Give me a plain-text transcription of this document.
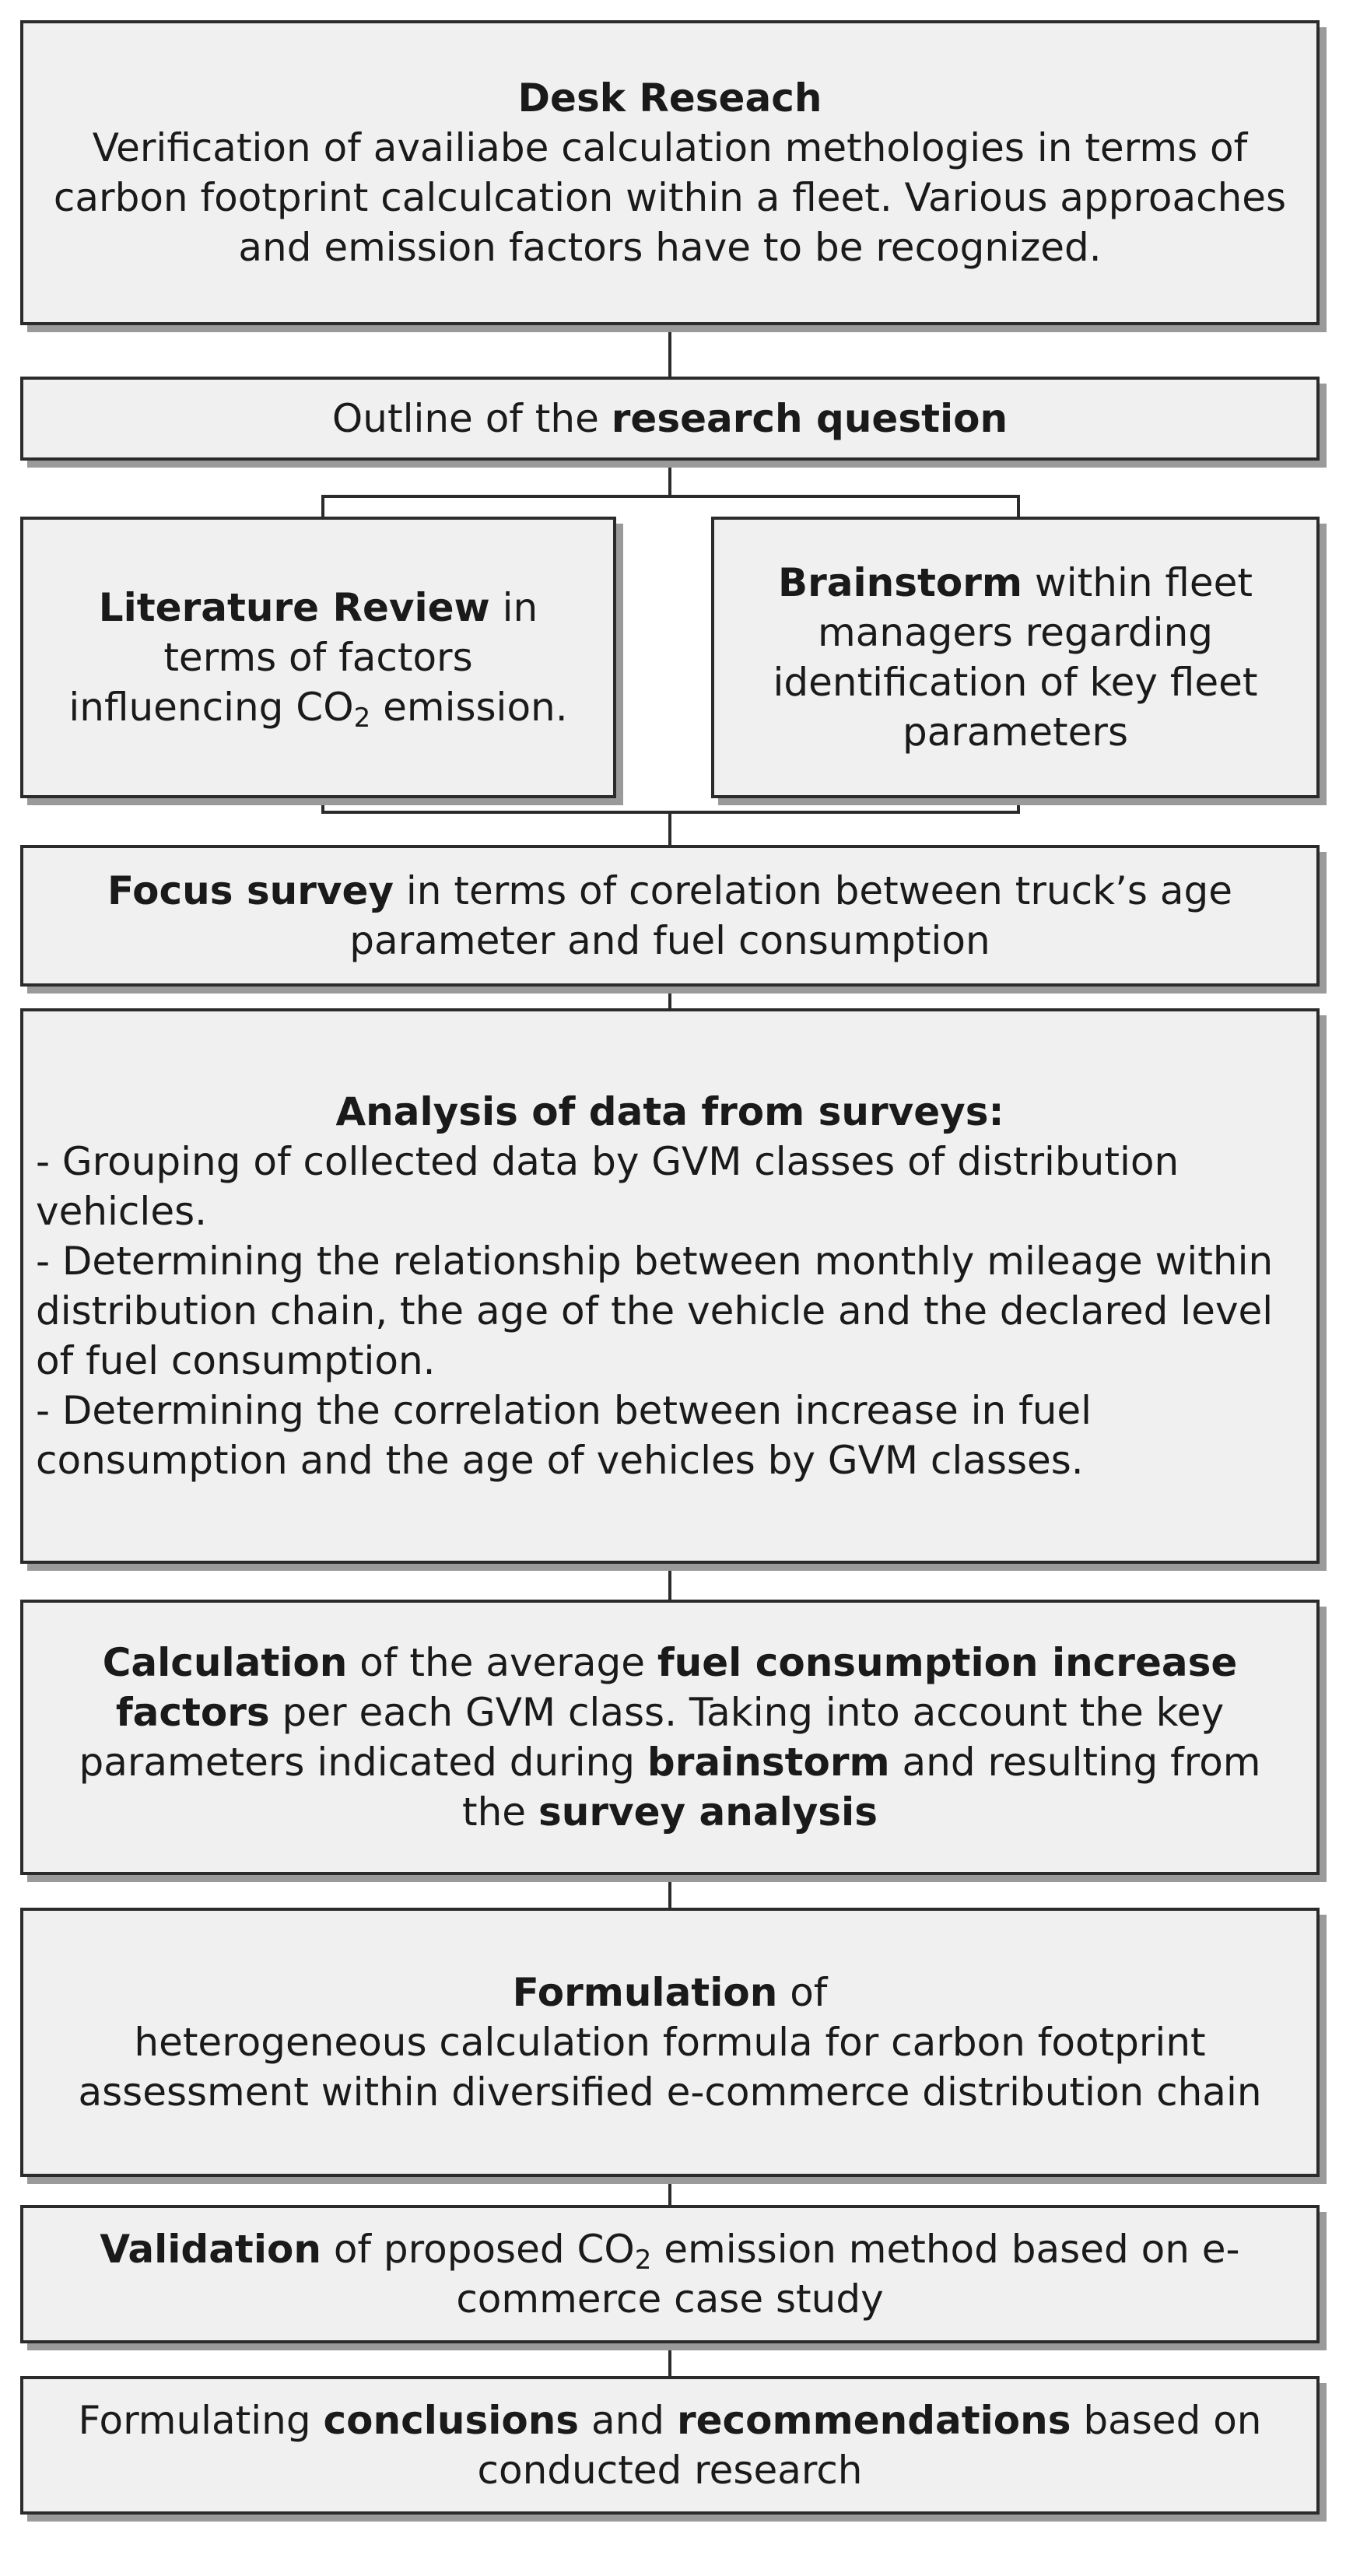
Desk Reseach
Verification of availiabe calculation methologies in terms of carbon footprint calculcation within a fleet. Various approaches and emission factors have to be recognized.
Outline of the research question
Literature Review in terms of factors influencing $CO_2$ emission.
Brainstorm within fleet managers regarding identification of key fleet parameters
Focus survey in terms of corelation between truck’s age parameter and fuel consumption
Analysis of data from surveys:
- Grouping of collected data by GVM classes of distribution vehicles.
- Determining the relationship between monthly mileage within distribution chain, the age of the vehicle and the declared level of fuel consumption.
- Determining the correlation between increase in fuel consumption and the age of vehicles by GVM classes.
Calculation of the average fuel consumption increase factors per each GVM class. Taking into account the key parameters indicated during brainstorm and resulting from the survey analysis
Formulation of
heterogeneous calculation formula for carbon footprint assessment within diversified e-commerce distribution chain
Validation of proposed $CO_2$ emission method based on e-commerce case study
Formulating conclusions and recommendations based on conducted research
